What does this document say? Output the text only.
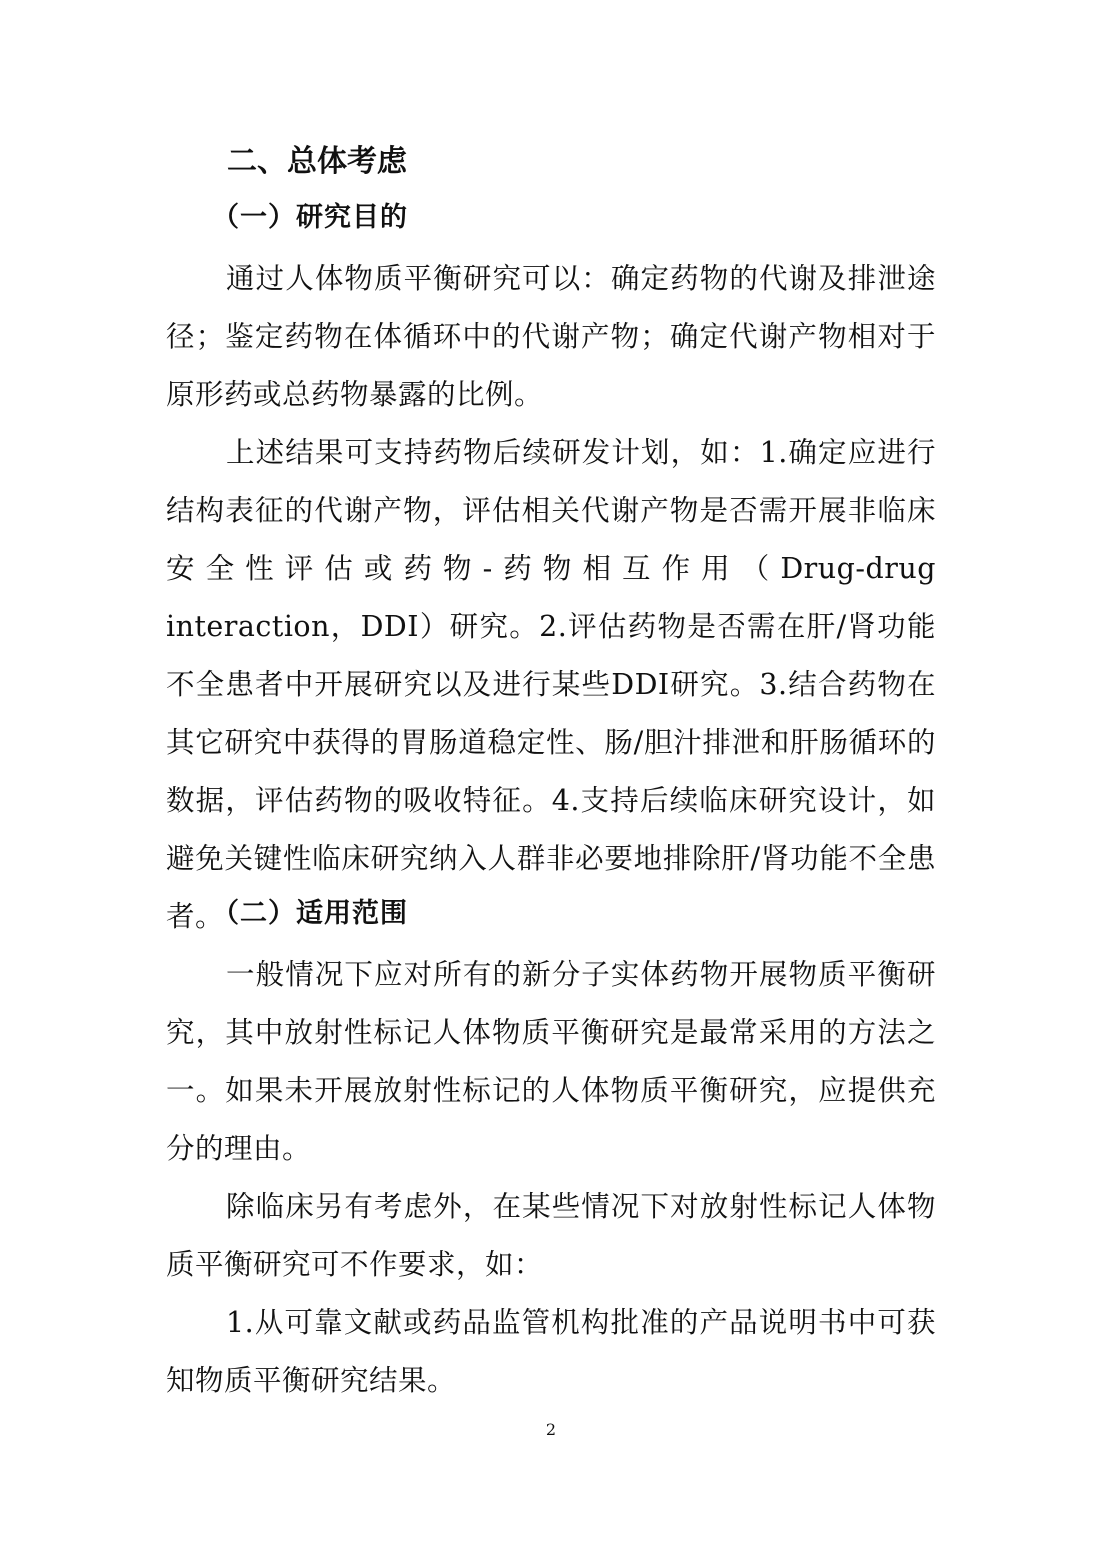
二、总体考虑
（一）研究目的

通过人体物质平衡研究可以：确定药物的代谢及排泄途径；鉴定药物在体循环中的代谢产物；确定代谢产物相对于原形药或总药物暴露的比例。

上述结果可支持药物后续研发计划，如：1.确定应进行结构表征的代谢产物，评估相关代谢产物是否需开展非临床安全性评估或药物-药物相互作用（Drug-drug interaction，DDI）研究。2.评估药物是否需在肝/肾功能不全患者中开展研究以及进行某些DDI研究。3.结合药物在其它研究中获得的胃肠道稳定性、肠/胆汁排泄和肝肠循环的数据，评估药物的吸收特征。4.支持后续临床研究设计，如避免关键性临床研究纳入人群非必要地排除肝/肾功能不全患者。

（二）适用范围

一般情况下应对所有的新分子实体药物开展物质平衡研究，其中放射性标记人体物质平衡研究是最常采用的方法之一。如果未开展放射性标记的人体物质平衡研究，应提供充分的理由。

除临床另有考虑外，在某些情况下对放射性标记人体物质平衡研究可不作要求，如：

1.从可靠文献或药品监管机构批准的产品说明书中可获知物质平衡研究结果。

2
